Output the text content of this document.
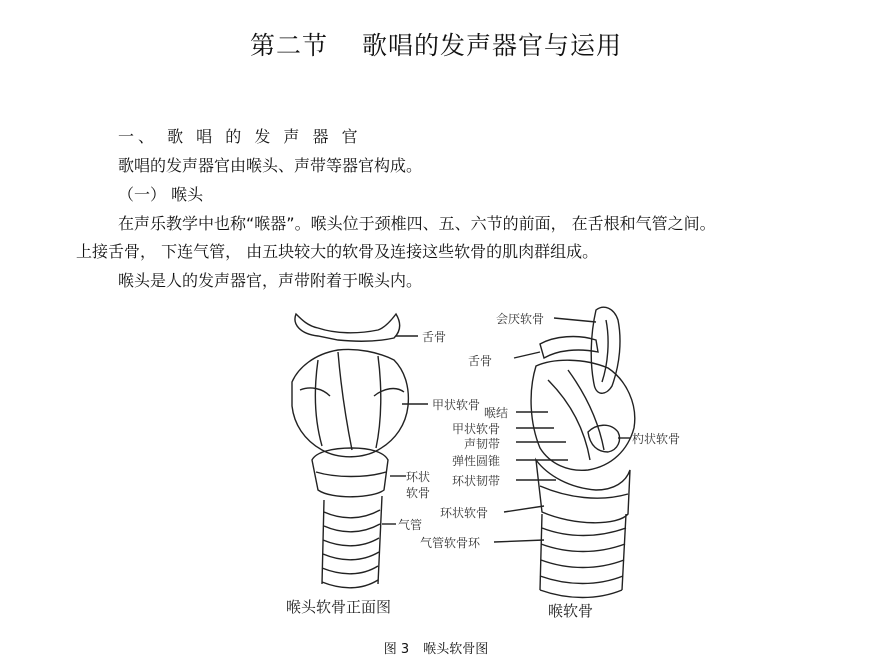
第二节 歌唱的发声器官与运用
一、 歌 唱 的 发 声 器 官
歌唱的发声器官由喉头、声带等器官构成。
（一） 喉头
在声乐教学中也称“喉器”。喉头位于颈椎四、五、六节的前面， 在舌根和气管之间。
上接舌骨， 下连气管， 由五块较大的软骨及连接这些软骨的肌肉群组成。
喉头是人的发声器官，声带附着于喉头内。
舌骨
甲状软骨
环状
软骨
气管
喉头软骨正面图
会厌软骨
舌骨
喉结
甲状软骨
声韧带
弹性圆锥
环状韧带
环状软骨
气管软骨环
杓状软骨
喉软骨
图 3 喉头软骨图
